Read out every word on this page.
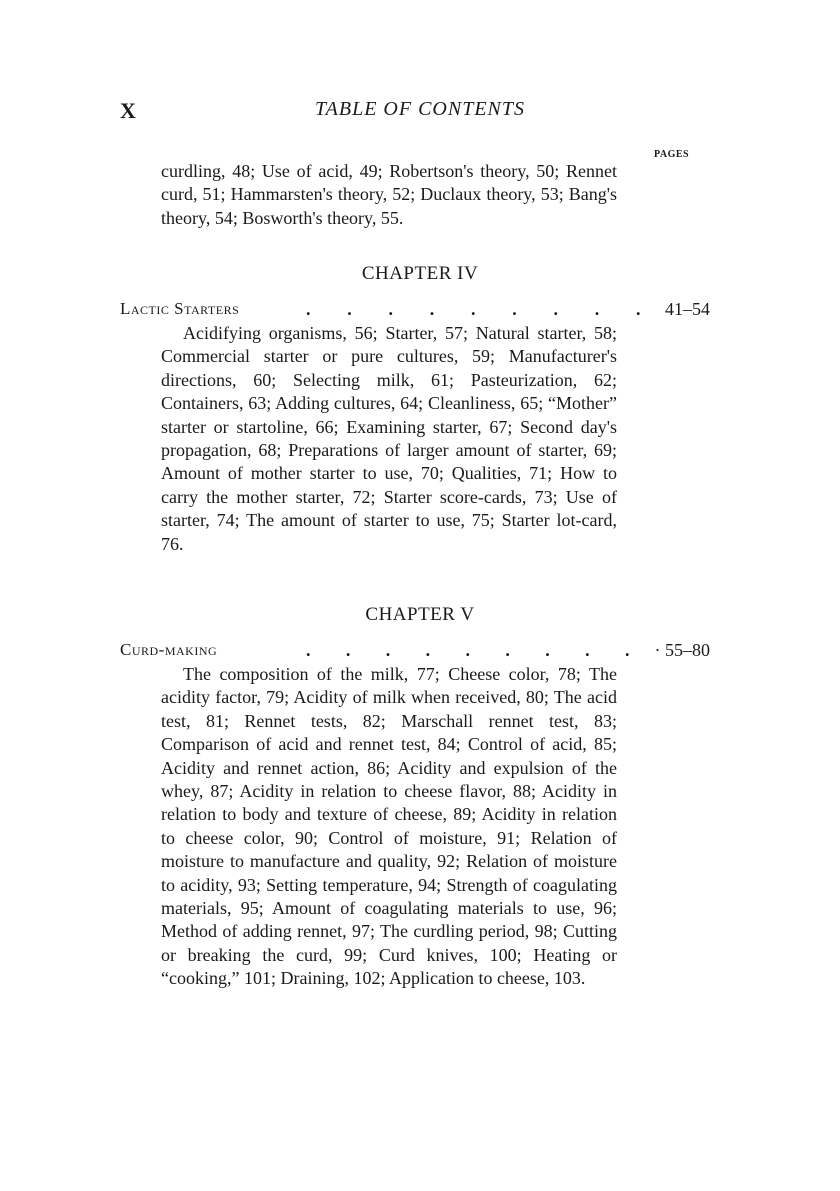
X	TABLE OF CONTENTS
PAGES
curdling, 48; Use of acid, 49; Robertson's theory, 50; Rennet curd, 51; Hammarsten's theory, 52; Duclaux theory, 53; Bang's theory, 54; Bosworth's theory, 55.
CHAPTER IV
Lactic Starters	. . . . . . . . . 41–54
Acidifying organisms, 56; Starter, 57; Natural starter, 58; Commercial starter or pure cultures, 59; Manufacturer's directions, 60; Selecting milk, 61; Pasteurization, 62; Containers, 63; Adding cultures, 64; Cleanliness, 65; “Mother” starter or startoline, 66; Examining starter, 67; Second day's propagation, 68; Preparations of larger amount of starter, 69; Amount of mother starter to use, 70; Qualities, 71; How to carry the mother starter, 72; Starter score-cards, 73; Use of starter, 74; The amount of starter to use, 75; Starter lot-card, 76.
CHAPTER V
Curd-making	. . . . . . . . . · 55–80
The composition of the milk, 77; Cheese color, 78; The acidity factor, 79; Acidity of milk when received, 80; The acid test, 81; Rennet tests, 82; Marschall rennet test, 83; Comparison of acid and rennet test, 84; Control of acid, 85; Acidity and rennet action, 86; Acidity and expulsion of the whey, 87; Acidity in relation to cheese flavor, 88; Acidity in relation to body and texture of cheese, 89; Acidity in relation to cheese color, 90; Control of moisture, 91; Relation of moisture to manufacture and quality, 92; Relation of moisture to acidity, 93; Setting temperature, 94; Strength of coagulating materials, 95; Amount of coagulating materials to use, 96; Method of adding rennet, 97; The curdling period, 98; Cutting or breaking the curd, 99; Curd knives, 100; Heating or “cooking,” 101; Draining, 102; Application to cheese, 103.
